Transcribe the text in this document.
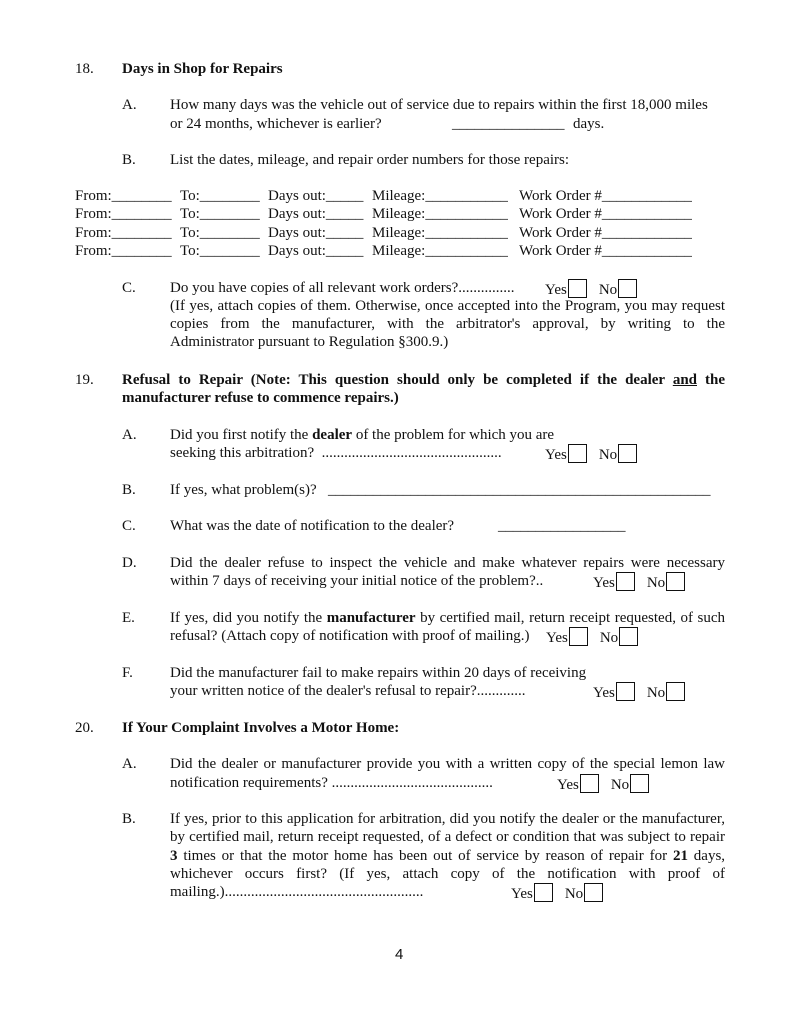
18. Days in Shop for Repairs
A. How many days was the vehicle out of service due to repairs within the first 18,000 miles
or 24 months, whichever is earlier?	_______________ days.
B. List the dates, mileage, and repair order numbers for those repairs:
From:________ To:________ Days out:_____ Mileage:___________ Work Order #____________
From:________ To:________ Days out:_____ Mileage:___________ Work Order #____________
From:________ To:________ Days out:_____ Mileage:___________ Work Order #____________
From:________ To:________ Days out:_____ Mileage:___________ Work Order #____________
C. Do you have copies of all relevant work orders?............... Yes No
(If yes, attach copies of them. Otherwise, once accepted into the Program, you may request
copies from the manufacturer, with the arbitrator's approval, by writing to the
Administrator pursuant to Regulation §300.9.)
19. Refusal to Repair (Note: This question should only be completed if the dealer and the
manufacturer refuse to commence repairs.)
A. Did you first notify the dealer of the problem for which you are
seeking this arbitration?  ................................................	Yes No
B. If yes, what problem(s)? ___________________________________________________
C. What was the date of notification to the dealer?	_________________
D. Did the dealer refuse to inspect the vehicle and make whatever repairs were necessary
within 7 days of receiving your initial notice of the problem?..	Yes No
E. If yes, did you notify the manufacturer by certified mail, return receipt requested, of such
refusal? (Attach copy of notification with proof of mailing.) Yes No
F. Did the manufacturer fail to make repairs within 20 days of receiving
your written notice of the dealer's refusal to repair?.............	Yes No
20. If Your Complaint Involves a Motor Home:
A. Did the dealer or manufacturer provide you with a written copy of the special lemon law
notification requirements? ...........................................	Yes No
B. If yes, prior to this application for arbitration, did you notify the dealer or the manufacturer,
by certified mail, return receipt requested, of a defect or condition that was subject to repair
3 times or that the motor home has been out of service by reason of repair for 21 days,
whichever occurs first? (If yes, attach copy of the notification with proof of
mailing.).....................................................	Yes No
4
